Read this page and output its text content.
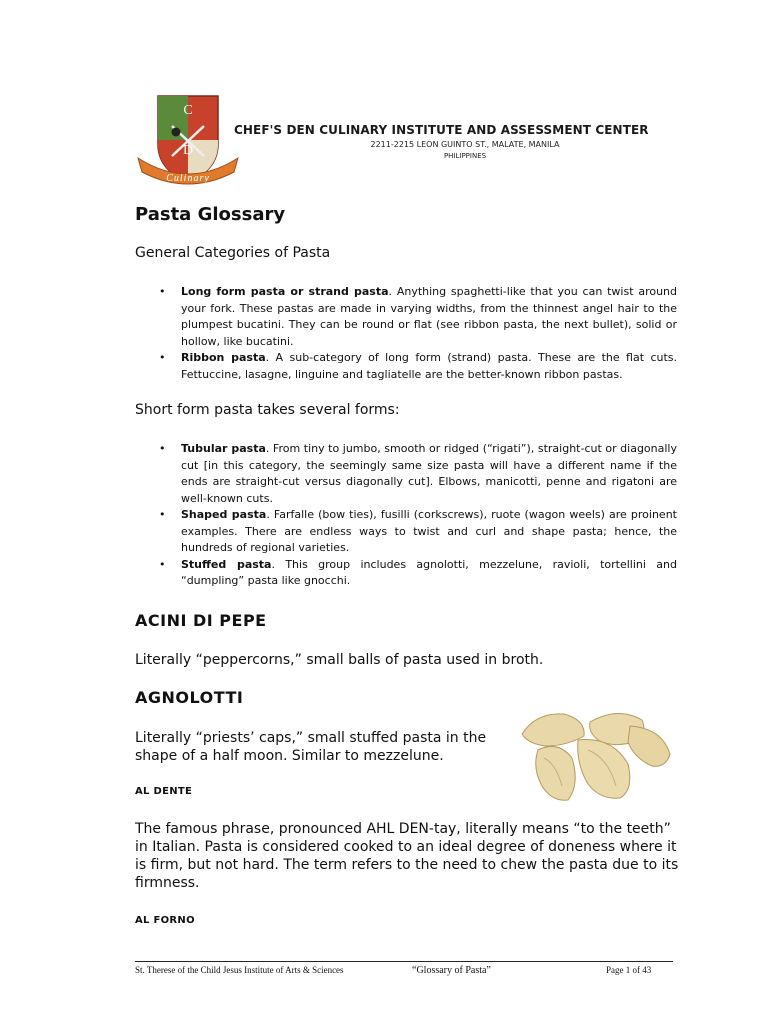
C
D
Culinary
CHEF'S DEN CULINARY INSTITUTE AND ASSESSMENT CENTER
2211-2215 LEON GUINTO ST., MALATE, MANILA
PHILIPPINES
Pasta Glossary
General Categories of Pasta
• Long form pasta or strand pasta. Anything spaghetti-like that you can twist around your fork. These pastas are made in varying widths, from the thinnest angel hair to the plumpest bucatini. They can be round or flat (see ribbon pasta, the next bullet), solid or hollow, like bucatini.
• Ribbon pasta. A sub-category of long form (strand) pasta. These are the flat cuts. Fettuccine, lasagne, linguine and tagliatelle are the better-known ribbon pastas.
Short form pasta takes several forms:
• Tubular pasta. From tiny to jumbo, smooth or ridged (“rigati”), straight-cut or diagonally cut [in this category, the seemingly same size pasta will have a different name if the ends are straight-cut versus diagonally cut]. Elbows, manicotti, penne and rigatoni are well-known cuts.
• Shaped pasta. Farfalle (bow ties), fusilli (corkscrews), ruote (wagon weels) are proinent examples. There are endless ways to twist and curl and shape pasta; hence, the hundreds of regional varieties.
• Stuffed pasta. This group includes agnolotti, mezzelune, ravioli, tortellini and “dumpling” pasta like gnocchi.
ACINI DI PEPE
Literally “peppercorns,” small balls of pasta used in broth.
AGNOLOTTI
Literally “priests’ caps,” small stuffed pasta in the shape of a half moon. Similar to mezzelune.
AL DENTE
The famous phrase, pronounced AHL DEN-tay, literally means “to the teeth” in Italian. Pasta is considered cooked to an ideal degree of doneness where it is firm, but not hard. The term refers to the need to chew the pasta due to its firmness.
AL FORNO
St. Therese of the Child Jesus Institute of Arts & Sciences	“Glossary of Pasta”	Page 1 of 43
